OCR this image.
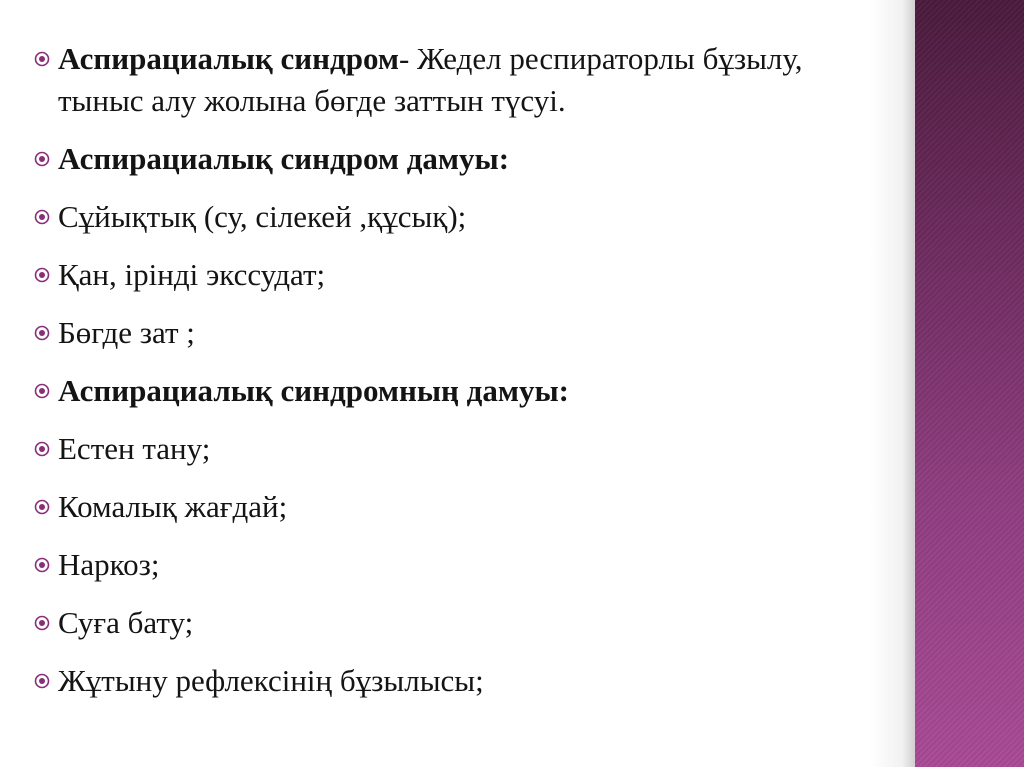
Аспирациалық синдром- Жедел респираторлы бұзылу, тыныс алу жолына бөгде заттын түсуі.
Аспирациалық синдром дамуы:
Сұйықтық (су, сілекей ,құсық);
Қан, ірінді экссудат;
Бөгде зат ;
Аспирациалық синдромның дамуы:
Естен тану;
Комалық жағдай;
Наркоз;
Суға бату;
Жұтыну рефлексінің бұзылысы;
